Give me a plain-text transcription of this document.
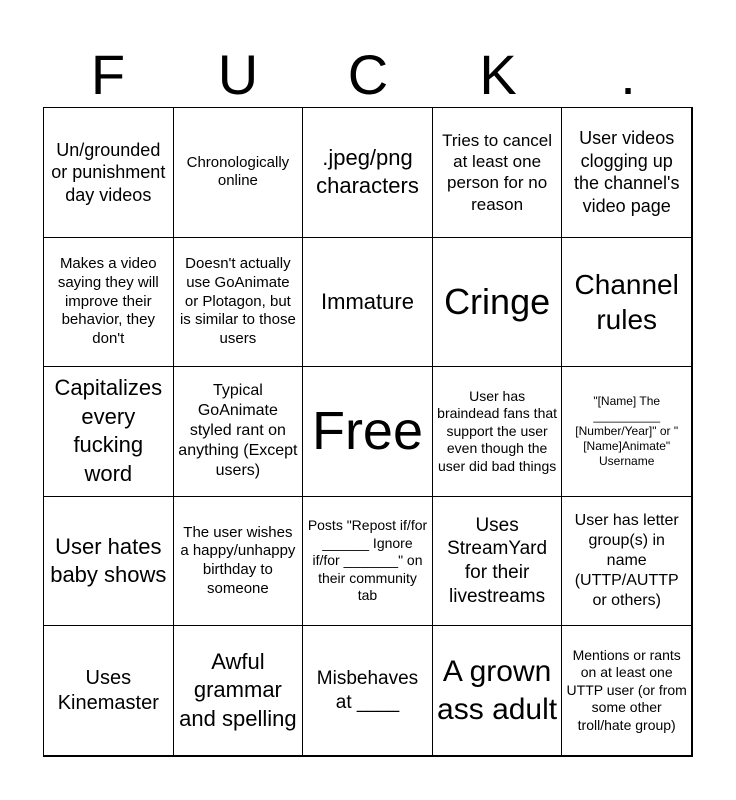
F	U	C	K	.
Un/grounded or punishment day videos
Chronologically online
.jpeg/png characters
Tries to cancel at least one person for no reason
User videos clogging up the channel's video page
Makes a video saying they will improve their behavior, they don't
Doesn't actually use GoAnimate or Plotagon, but is similar to those users
Immature Cringe Channel rules
Capitalizes every fucking word
Typical GoAnimate styled rant on anything (Except users)
Free
User has braindead fans that support the user even though the user did bad things
"[Name] The __________ [Number/Year]" or "[Name]Animate" Username
User hates baby shows
The user wishes a happy/unhappy birthday to someone
Posts "Repost if/for ______ Ignore if/for _______" on their community tab
Uses StreamYard for their livestreams
User has letter group(s) in name (UTTP/AUTTP or others)
Uses Kinemaster
Awful grammar and spelling
Misbehaves at ____
A grown ass adult
Mentions or rants on at least one UTTP user (or from some other troll/hate group)
